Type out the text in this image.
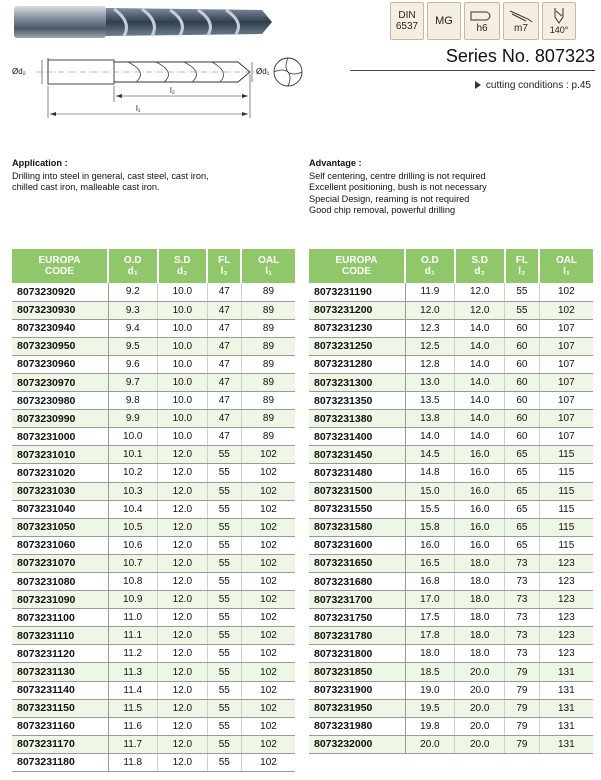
Ød₂	Ød₁
l₂
l₁
DIN
6537 MG
h6	m7 140°
Series No. 807323
cutting conditions : p.45
Application :
Drilling into steel in general, cast steel, cast iron,
chilled cast iron, malleable cast iron.
Advantage :
Self centering, centre drilling is not required
Excellent positioning, bush is not necessary
Special Design, reaming is not required
Good chip removal, powerful drilling
EUROPA
CODE	O.D
d₁	S.D
d₂	FL
l₂	OAL
l₁

8073230920	9.2	10.0	47	89
8073230930	9.3	10.0	47	89
8073230940	9.4	10.0	47	89
8073230950	9.5	10.0	47	89
8073230960	9.6	10.0	47	89
8073230970	9.7	10.0	47	89
8073230980	9.8	10.0	47	89
8073230990	9.9	10.0	47	89
8073231000	10.0	10.0	47	89
8073231010	10.1	12.0	55	102
8073231020	10.2	12.0	55	102
8073231030	10.3	12.0	55	102
8073231040	10.4	12.0	55	102
8073231050	10.5	12.0	55	102
8073231060	10.6	12.0	55	102
8073231070	10.7	12.0	55	102
8073231080	10.8	12.0	55	102
8073231090	10.9	12.0	55	102
8073231100	11.0	12.0	55	102
8073231110	11.1	12.0	55	102
8073231120	11.2	12.0	55	102
8073231130	11.3	12.0	55	102
8073231140	11.4	12.0	55	102
8073231150	11.5	12.0	55	102
8073231160	11.6	12.0	55	102
8073231170	11.7	12.0	55	102
8073231180	11.8	12.0	55	102
EUROPA
CODE	O.D
d₁	S.D
d₂	FL
l₂	OAL
l₁

8073231190	11.9	12.0	55	102
8073231200	12.0	12.0	55	102
8073231230	12.3	14.0	60	107
8073231250	12.5	14.0	60	107
8073231280	12.8	14.0	60	107
8073231300	13.0	14.0	60	107
8073231350	13.5	14.0	60	107
8073231380	13.8	14.0	60	107
8073231400	14.0	14.0	60	107
8073231450	14.5	16.0	65	115
8073231480	14.8	16.0	65	115
8073231500	15.0	16.0	65	115
8073231550	15.5	16.0	65	115
8073231580	15.8	16.0	65	115
8073231600	16.0	16.0	65	115
8073231650	16.5	18.0	73	123
8073231680	16.8	18.0	73	123
8073231700	17.0	18.0	73	123
8073231750	17.5	18.0	73	123
8073231780	17.8	18.0	73	123
8073231800	18.0	18.0	73	123
8073231850	18.5	20.0	79	131
8073231900	19.0	20.0	79	131
8073231950	19.5	20.0	79	131
8073231980	19.8	20.0	79	131
8073232000	20.0	20.0	79	131
